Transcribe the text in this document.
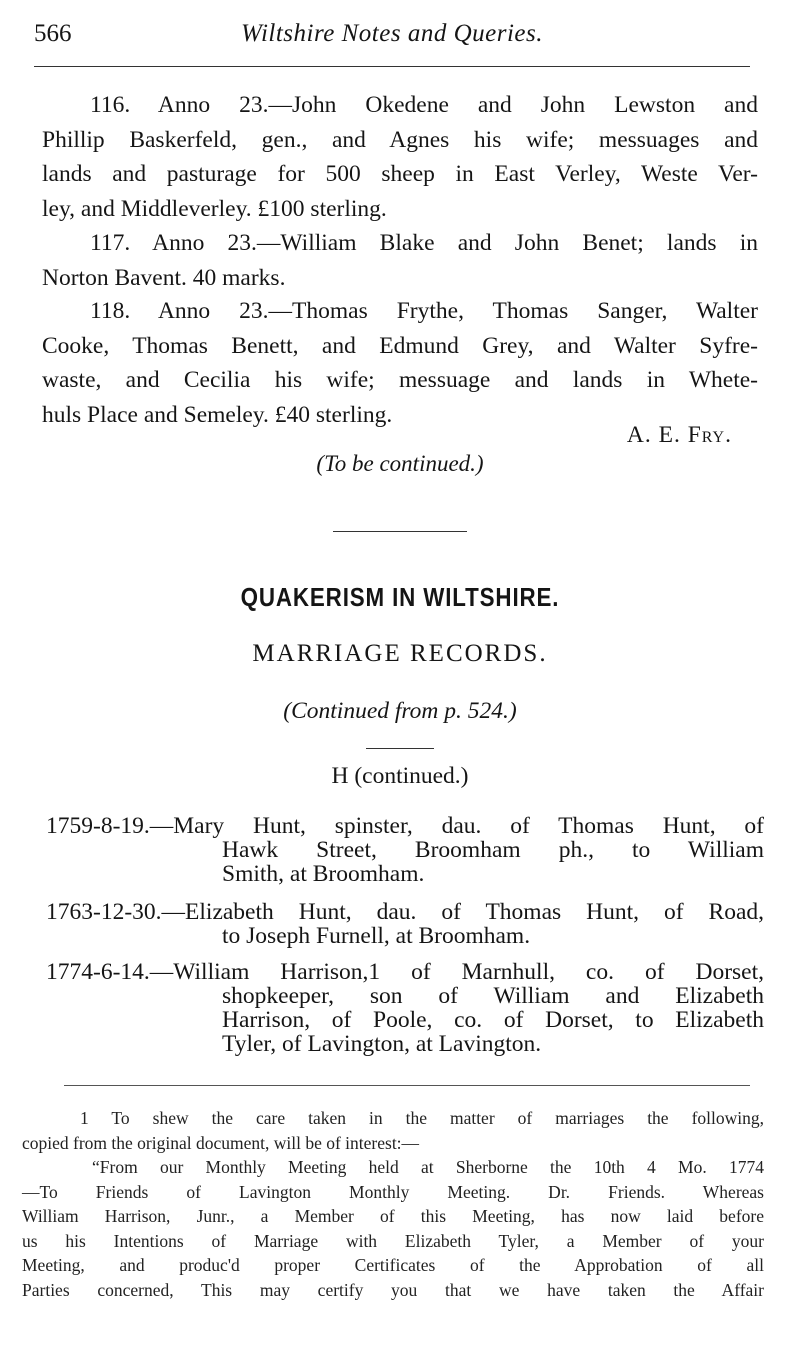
566	Wiltshire Notes and Queries.
116. Anno 23.—John Okedene and John Lewston and
Phillip Baskerfeld, gen., and Agnes his wife; messuages and
lands and pasturage for 500 sheep in East Verley, Weste Ver-
ley, and Middleverley. £100 sterling.
117. Anno 23.—William Blake and John Benet; lands in
Norton Bavent. 40 marks.
118. Anno 23.—Thomas Frythe, Thomas Sanger, Walter
Cooke, Thomas Benett, and Edmund Grey, and Walter Syfre-
waste, and Cecilia his wife; messuage and lands in Whete-
huls Place and Semeley. £40 sterling.
A. E. Fry.
(To be continued.)
QUAKERISM IN WILTSHIRE.
MARRIAGE RECORDS.
(Continued from p. 524.)
H (continued.)
1759-8-19.—Mary Hunt, spinster, dau. of Thomas Hunt, of
Hawk Street, Broomham ph., to William
Smith, at Broomham.
1763-12-30.—Elizabeth Hunt, dau. of Thomas Hunt, of Road,
to Joseph Furnell, at Broomham.
1774-6-14.—William Harrison,1 of Marnhull, co. of Dorset,
shopkeeper, son of William and Elizabeth
Harrison, of Poole, co. of Dorset, to Elizabeth
Tyler, of Lavington, at Lavington.
1 To shew the care taken in the matter of marriages the following,
copied from the original document, will be of interest:—
“From our Monthly Meeting held at Sherborne the 10th 4 Mo. 1774
—To Friends of Lavington Monthly Meeting. Dr. Friends. Whereas
William Harrison, Junr., a Member of this Meeting, has now laid before
us his Intentions of Marriage with Elizabeth Tyler, a Member of your
Meeting, and produc'd proper Certificates of the Approbation of all
Parties concerned, This may certify you that we have taken the Affair
